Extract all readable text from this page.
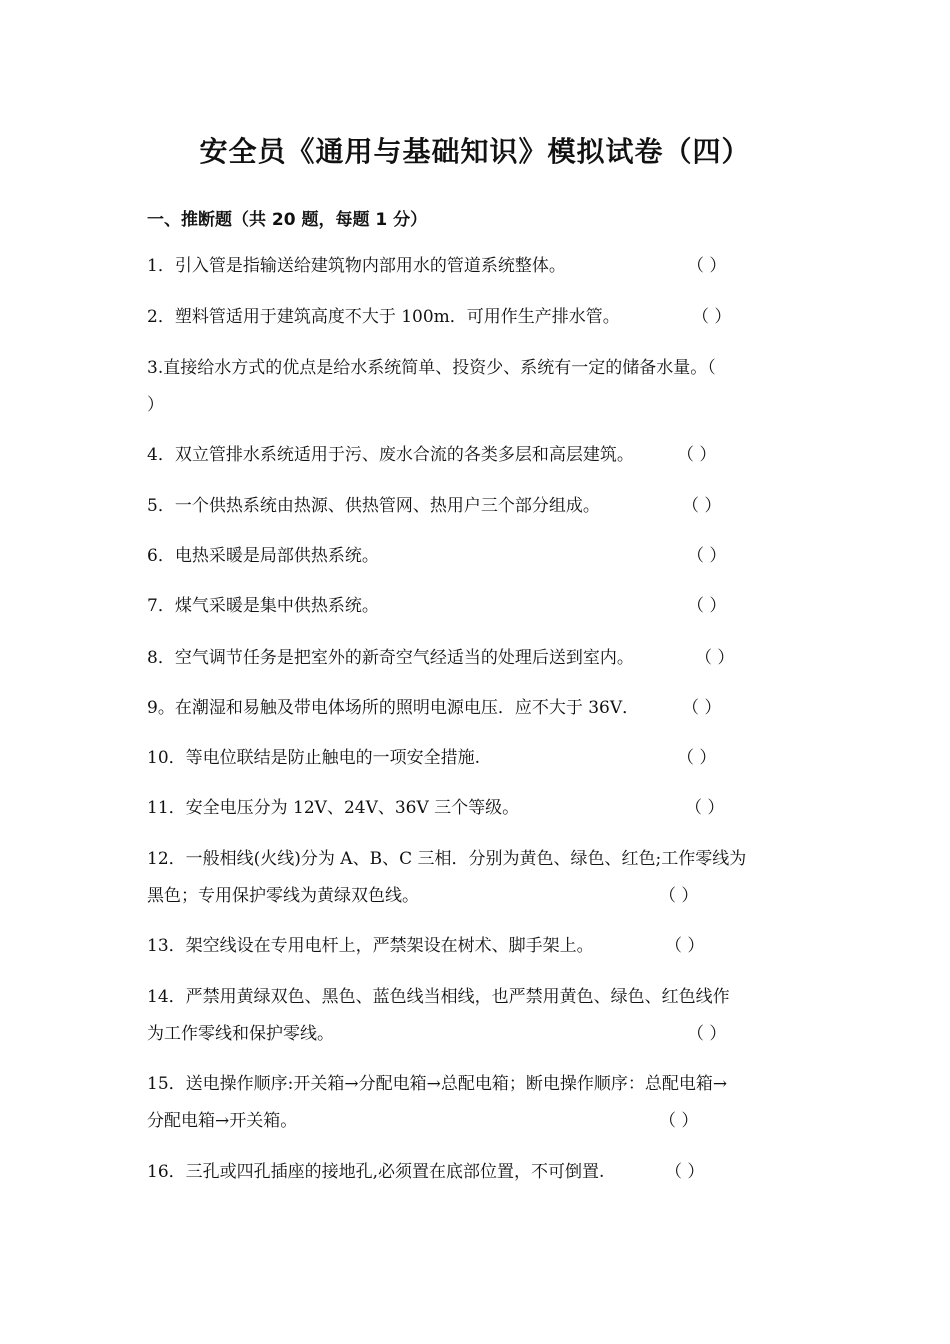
安全员《通用与基础知识》模拟试卷（四）
一、推断题（共 20 题，每题 1 分）
1．引入管是指输送给建筑物内部用水的管道系统整体。	（ ）
2．塑料管适用于建筑高度不大于 100m．可用作生产排水管。	（ ）
3.直接给水方式的优点是给水系统简单、投资少、系统有一定的储备水量。（
）
4．双立管排水系统适用于污、废水合流的各类多层和高层建筑。	（ ）
5．一个供热系统由热源、供热管网、热用户三个部分组成。	（ ）
6．电热采暖是局部供热系统。	（ ）
7．煤气采暖是集中供热系统。	（ ）
8．空气调节任务是把室外的新奇空气经适当的处理后送到室内。	（ ）
9。在潮湿和易触及带电体场所的照明电源电压．应不大于 36V．	（ ）
10．等电位联结是防止触电的一项安全措施.	（ ）
11．安全电压分为 12V、24V、36V 三个等级。	（ ）
12．一般相线(火线)分为 A、B、C 三相．分别为黄色、绿色、红色;工作零线为
黑色；专用保护零线为黄绿双色线。	（ ）
13．架空线设在专用电杆上，严禁架设在树术、脚手架上。	（ ）
14．严禁用黄绿双色、黑色、蓝色线当相线，也严禁用黄色、绿色、红色线作
为工作零线和保护零线。	（ ）
15．送电操作顺序:开关箱→分配电箱→总配电箱；断电操作顺序：总配电箱→
分配电箱→开关箱。	（ ）
16．三孔或四孔插座的接地孔,必须置在底部位置，不可倒置.	（ ）
